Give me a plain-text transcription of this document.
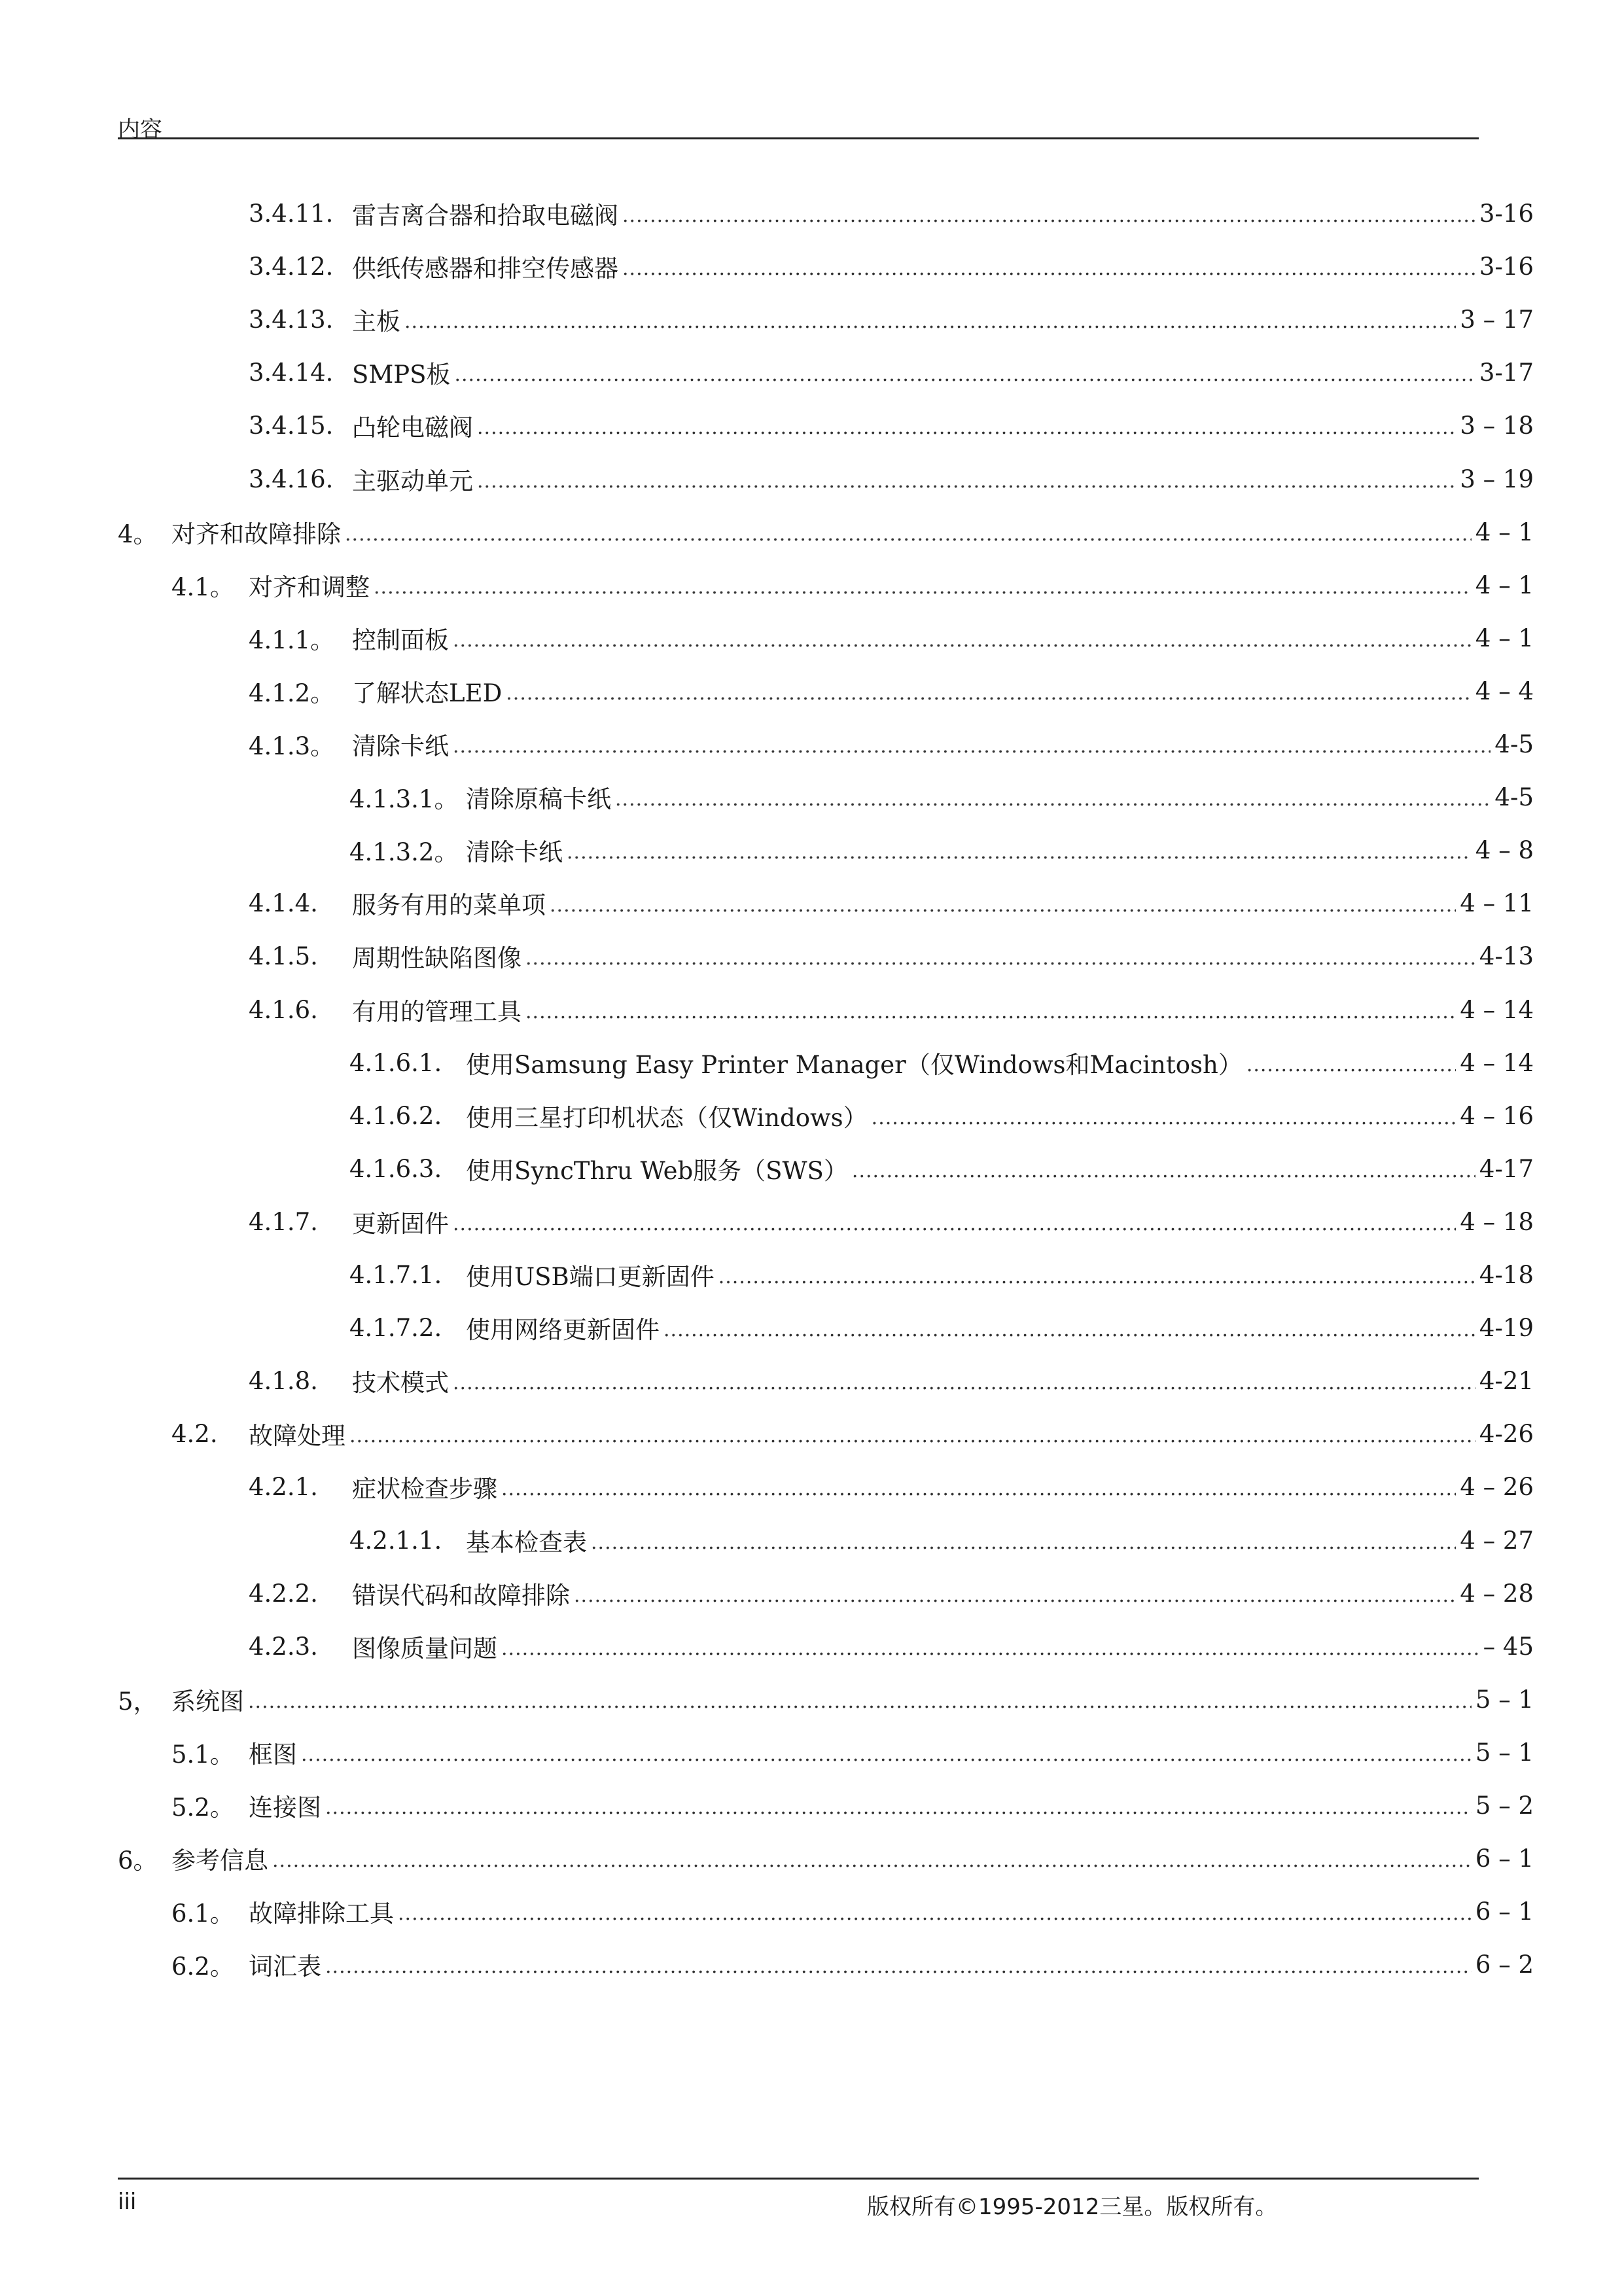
内容
3.4.11. 雷吉离合器和拾取电磁阀 .....	3-16
3.4.12. 供纸传感器和排空传感器 .....	3-16
3.4.13. 主板 .....	3 – 17
3.4.14. SMPS板 .....	3-17
3.4.15. 凸轮电磁阀 .....	3 – 18
3.4.16. 主驱动单元 .....	3 – 19
4。 对齐和故障排除 .....	4 – 1
4.1。 对齐和调整 .....	4 – 1
4.1.1。 控制面板 .....	4 – 1
4.1.2。 了解状态LED .....	4 – 4
4.1.3。 清除卡纸 .....	4-5
4.1.3.1。 清除原稿卡纸 .....	4-5
4.1.3.2。 清除卡纸 .....	4 – 8
4.1.4.	服务有用的菜单项 .....	4 – 11
4.1.5.	周期性缺陷图像 .....	4-13
4.1.6.	有用的管理工具 .....	4 – 14
4.1.6.1. 使用Samsung Easy Printer Manager（仅Windows和Macintosh） .....	4 – 14
4.1.6.2. 使用三星打印机状态（仅Windows） .....	4 – 16
4.1.6.3. 使用SyncThru Web服务（SWS） .....	4-17
4.1.7.	更新固件 .....	4 – 18
4.1.7.1. 使用USB端口更新固件 .....	4-18
4.1.7.2. 使用网络更新固件 .....	4-19
4.1.8.	技术模式 .....	4-21
4.2.	故障处理 .....	4-26
4.2.1.	症状检查步骤 .....	4 – 26
4.2.1.1. 基本检查表 .....	4 – 27
4.2.2.	错误代码和故障排除 .....	4 – 28
4.2.3.	图像质量问题 .....	– 45
5， 系统图 .....	5 – 1
5.1。 框图 .....	5 – 1
5.2。 连接图 .....	5 – 2
6。 参考信息 .....	6 – 1
6.1。 故障排除工具 .....	6 – 1
6.2。 词汇表 .....	6 – 2
iii	版权所有©1995-2012三星。版权所有。
